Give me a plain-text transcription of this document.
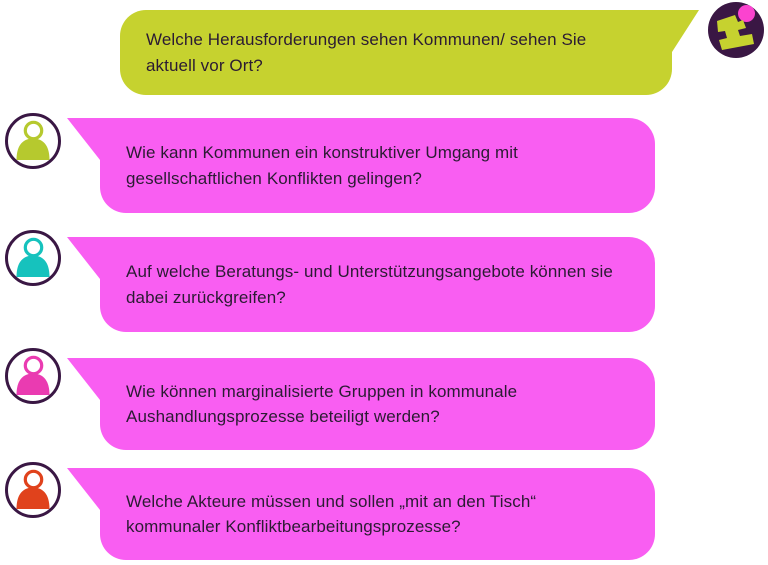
Welche Herausforderungen sehen Kommunen/ sehen Sie aktuell vor Ort?
Wie kann Kommunen ein konstruktiver Umgang mit gesellschaftlichen Konflikten gelingen?
Auf welche Beratungs- und Unterstützungsangebote können sie dabei zurückgreifen?
Wie können marginalisierte Gruppen in kommunale Aushandlungsprozesse beteiligt werden?
Welche Akteure müssen und sollen „mit an den Tisch“ kommunaler Konfliktbearbeitungsprozesse?
